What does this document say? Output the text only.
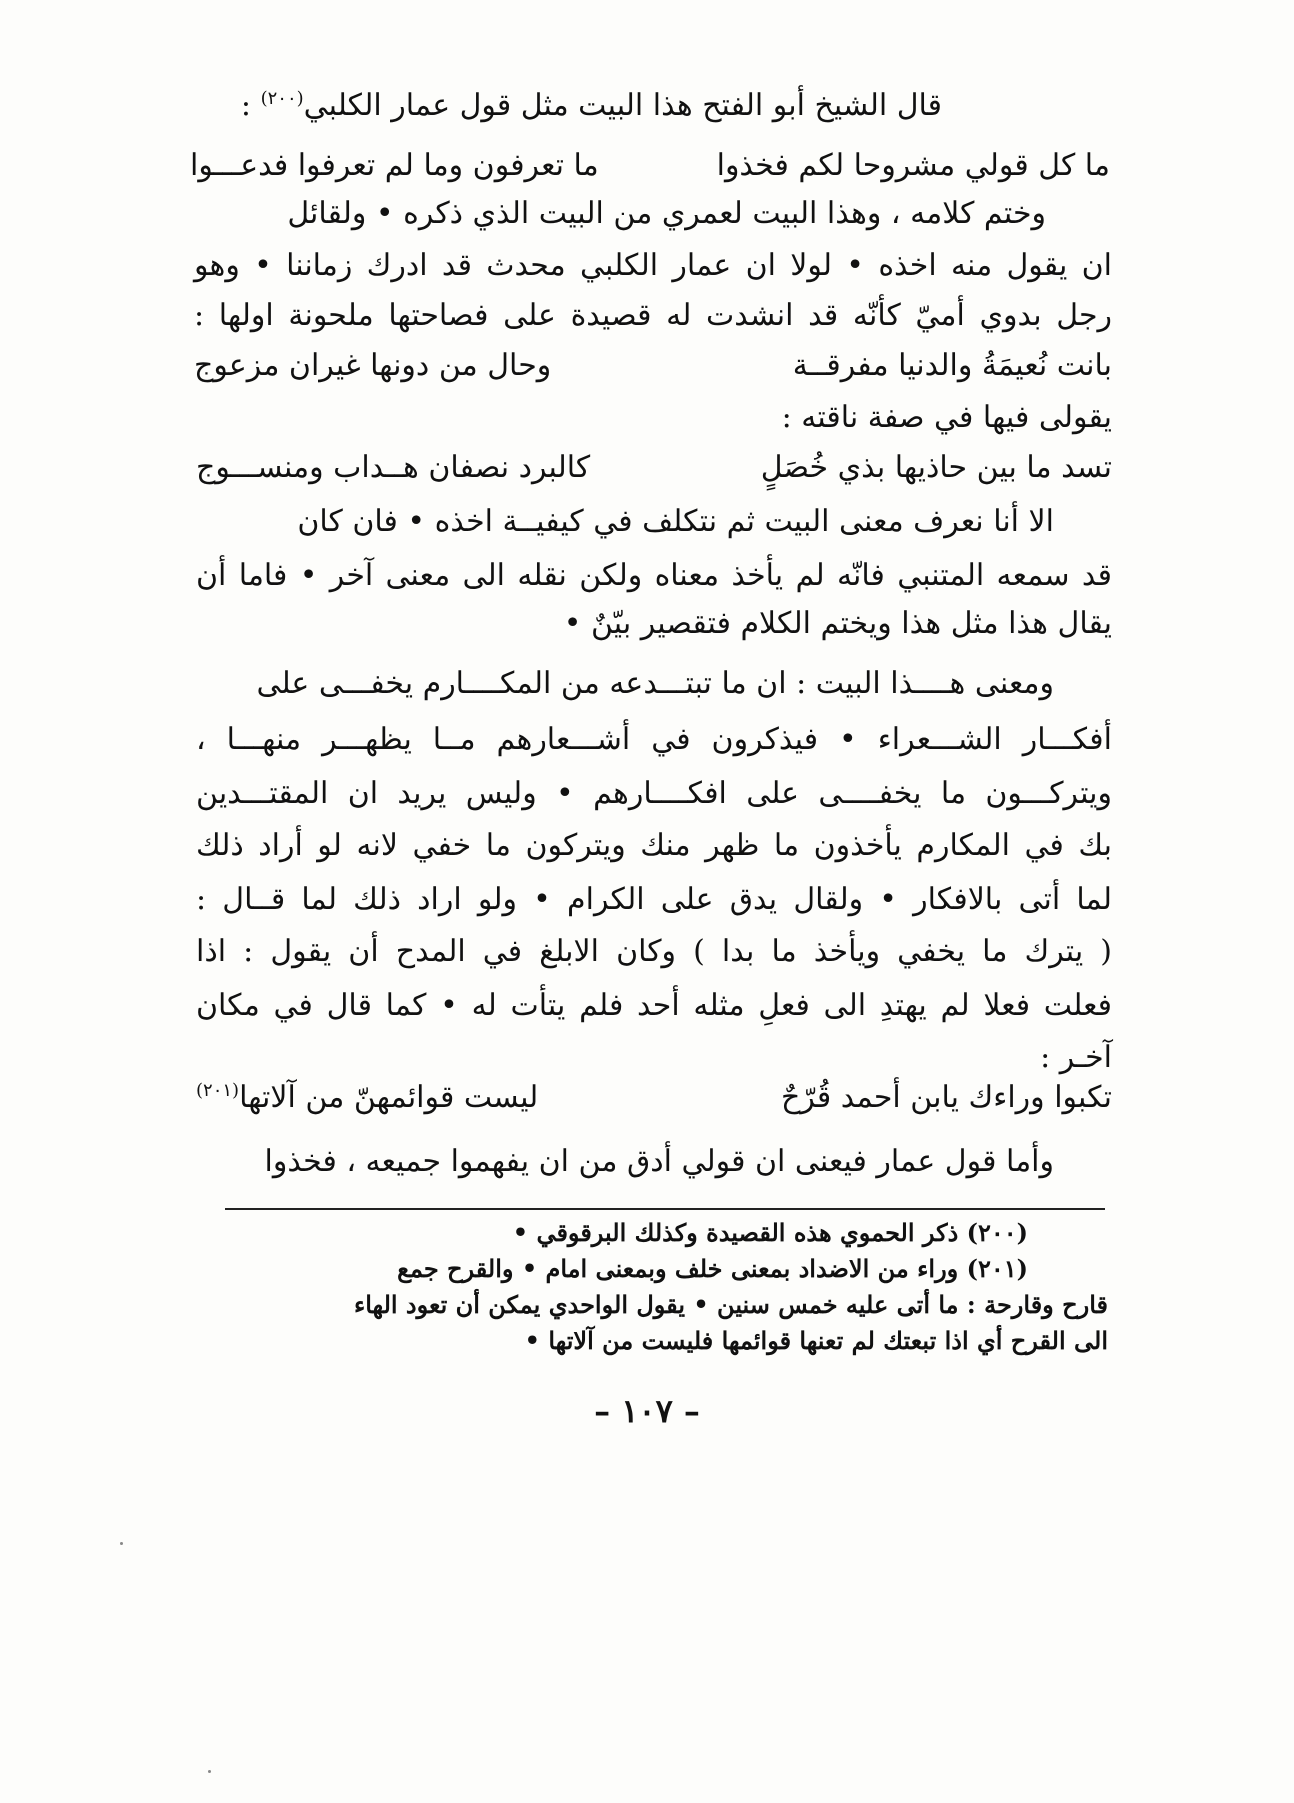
قال الشيخ أبو الفتح هذا البيت مثل قول عمار الكلبي$^{(٢٠٠)}$ :
ما كل قولي مشروحا لكم فخذوا
ما تعرفون وما لم تعرفوا فدعـــوا
وختم كلامه ، وهذا البيت لعمري من البيت الذي ذكره • ولقائل
ان يقول منه اخذه • لولا ان عمار الكلبي محدث قد ادرك زماننا • وهو
رجل بدوي أميّ كأنّه قد انشدت له قصيدة على فصاحتها ملحونة اولها :
بانت نُعيمَةُ والدنيا مفرقــة
وحال من دونها غيران مزعوج
يقولى فيها في صفة ناقته :
تسد ما بين حاذيها بذي خُصَلٍ
كالبرد نصفان هــداب ومنســـوج
الا أنا نعرف معنى البيت ثم نتكلف في كيفيــة اخذه • فان كان
قد سمعه المتنبي فانّه لم يأخذ معناه ولكن نقله الى معنى آخر • فاما أن
يقال هذا مثل هذا ويختم الكلام فتقصير بيّنٌ •
ومعنى هــــذا البيت : ان ما تبتـــدعه من المكــــارم يخفـــى على
أفكـــار الشـــعراء • فيذكرون في أشـــعارهم مــا يظهـــر منهـــا ،
ويتركـــون ما يخفــــى على افكــــارهم • وليس يريد ان المقتـــدين
بك في المكارم يأخذون ما ظهر منك ويتركون ما خفي لانه لو أراد ذلك
لما أتى بالافكار • ولقال يدق على الكرام • ولو اراد ذلك لما قــال :
( يترك ما يخفي ويأخذ ما بدا ) وكان الابلغ في المدح أن يقول : اذا
فعلت فعلا لم يهتدِ الى فعلِ مثله أحد فلم يتأت له • كما قال في مكان
آخـر :
تكبوا وراءك يابن أحمد قُرّحٌ
ليست قوائمهنّ من آلاتها$^{(٢٠١)}$
وأما قول عمار فيعنى ان قولي أدق من ان يفهموا جميعه ، فخذوا
(٢٠٠) ذكر الحموي هذه القصيدة وكذلك البرقوقي •
(٢٠١) وراء من الاضداد بمعنى خلف وبمعنى امام • والقرح جمع
قارح وقارحة : ما أتى عليه خمس سنين • يقول الواحدي يمكن أن تعود الهاء
الى القرح أي اذا تبعتك لم تعنها قوائمها فليست من آلاتها •
– ١٠٧ –
